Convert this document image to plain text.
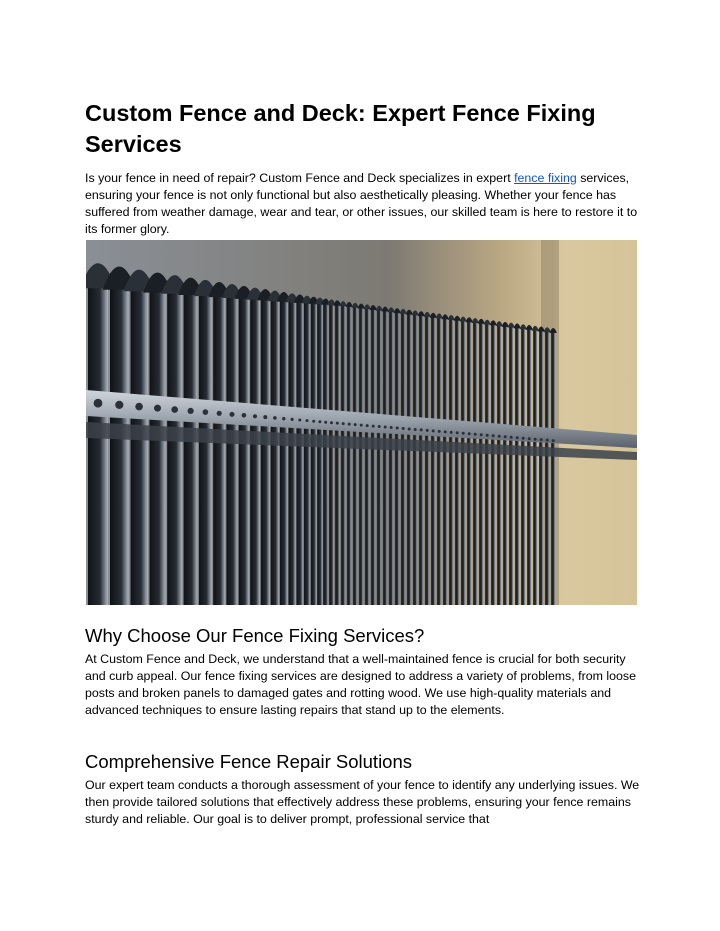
Custom Fence and Deck: Expert Fence Fixing Services

Is your fence in need of repair? Custom Fence and Deck specializes in expert fence fixing services, ensuring your fence is not only functional but also aesthetically pleasing. Whether your fence has suffered from weather damage, wear and tear, or other issues, our skilled team is here to restore it to its former glory.

Why Choose Our Fence Fixing Services?

At Custom Fence and Deck, we understand that a well-maintained fence is crucial for both security and curb appeal. Our fence fixing services are designed to address a variety of problems, from loose posts and broken panels to damaged gates and rotting wood. We use high-quality materials and advanced techniques to ensure lasting repairs that stand up to the elements.

Comprehensive Fence Repair Solutions

Our expert team conducts a thorough assessment of your fence to identify any underlying issues. We then provide tailored solutions that effectively address these problems, ensuring your fence remains sturdy and reliable. Our goal is to deliver prompt, professional service that
